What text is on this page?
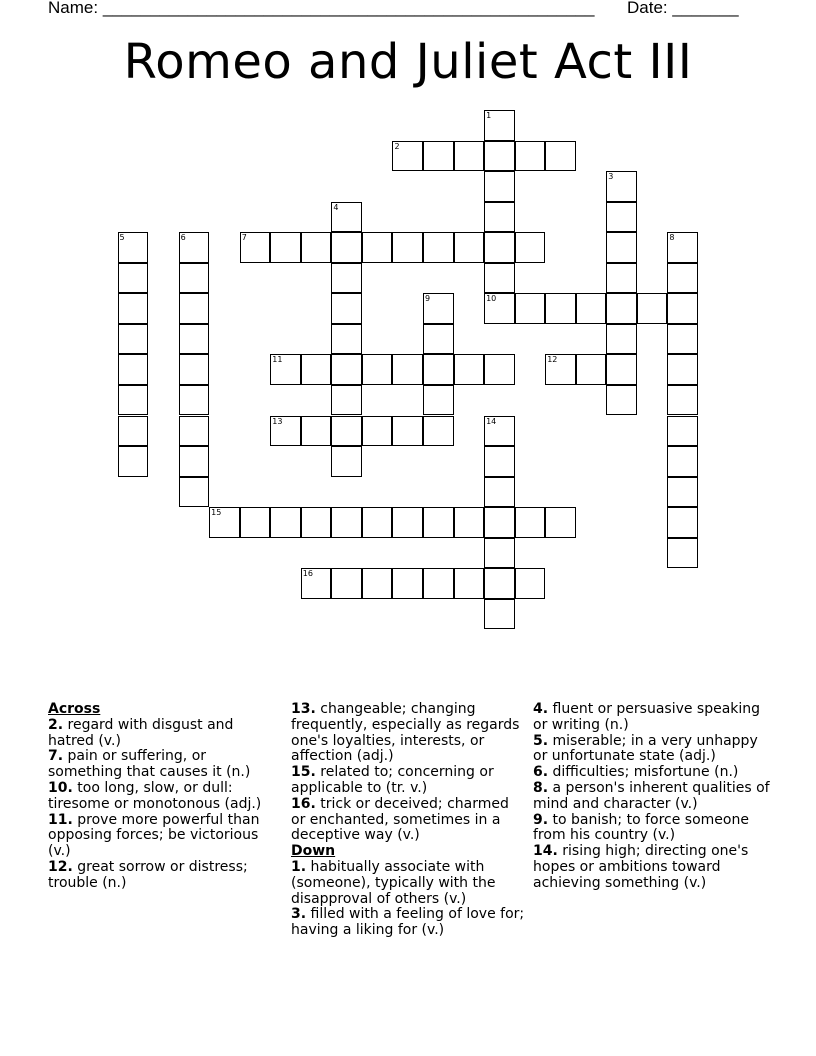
Name: ____________________________________________________ Date: _______
Romeo and Juliet Act III
1
10
2
3
4
5	6	7	8
9
11	12
13	14
15
16

Across

2. regard with disgust and hatred (v.)

7. pain or suffering, or something that causes it (n.)

10. too long, slow, or dull: tiresome or monotonous (adj.)

11. prove more powerful than opposing forces; be victorious (v.)

12. great sorrow or distress; trouble (n.)

13. changeable; changing frequently, especially as regards one's loyalties, interests, or affection (adj.)

15. related to; concerning or applicable to (tr. v.)

16. trick or deceived; charmed or enchanted, sometimes in a deceptive way (v.)

Down

1. habitually associate with (someone), typically with the disapproval of others (v.)

3. filled with a feeling of love for; having a liking for (v.)

4. fluent or persuasive speaking or writing (n.)

5. miserable; in a very unhappy or unfortunate state (adj.)

6. difficulties; misfortune (n.)

8. a person's inherent qualities of mind and character (v.)

9. to banish; to force someone from his country (v.)

14. rising high; directing one's hopes or ambitions toward achieving something (v.)
